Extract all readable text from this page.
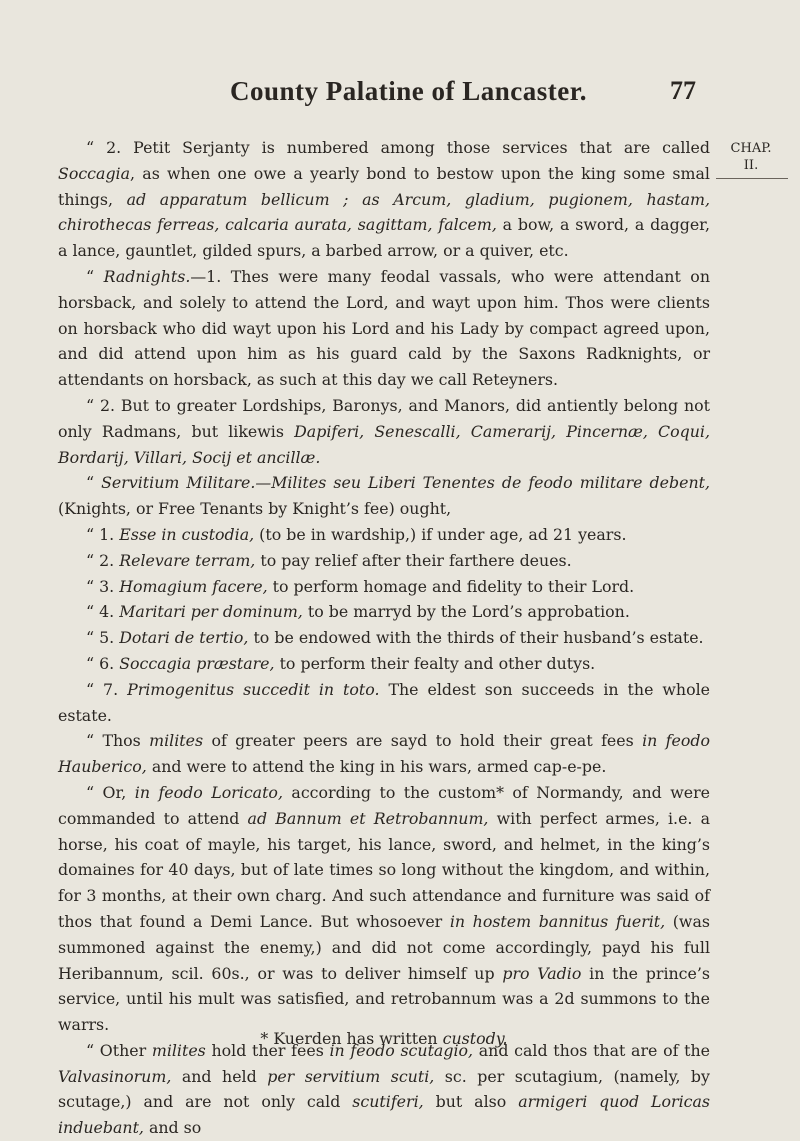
County Palatine of Lancaster.	77
CHAP.
II.

“ 2. Petit Serjanty is numbered among those services that are called Soccagia, as when one owe a yearly bond to bestow upon the king some smal things, ad apparatum bellicum ; as Arcum, gladium, pugionem, hastam, chirothecas ferreas, calcaria aurata, sagittam, falcem, a bow, a sword, a dagger, a lance, gauntlet, gilded spurs, a barbed arrow, or a quiver, etc.

“ Radnights.—1. Thes were many feodal vassals, who were attendant on horsback, and solely to attend the Lord, and wayt upon him. Thos were clients on horsback who did wayt upon his Lord and his Lady by compact agreed upon, and did attend upon him as his guard cald by the Saxons Radknights, or attendants on horsback, as such at this day we call Reteyners.

“ 2. But to greater Lordships, Baronys, and Manors, did antiently belong not only Radmans, but likewis Dapiferi, Senescalli, Camerarij, Pincernæ, Coqui, Bordarij, Villari, Socij et ancillæ.

“ Servitium Militare.—Milites seu Liberi Tenentes de feodo militare debent, (Knights, or Free Tenants by Knight’s fee) ought,

“ 1. Esse in custodia, (to be in wardship,) if under age, ad 21 years.

“ 2. Relevare terram, to pay relief after their farthere deues.

“ 3. Homagium facere, to perform homage and fidelity to their Lord.

“ 4. Maritari per dominum, to be marryd by the Lord’s approbation.

“ 5. Dotari de tertio, to be endowed with the thirds of their husband’s estate.

“ 6. Soccagia præstare, to perform their fealty and other dutys.

“ 7. Primogenitus succedit in toto. The eldest son succeeds in the whole estate.

“ Thos milites of greater peers are sayd to hold their great fees in feodo Hauberico, and were to attend the king in his wars, armed cap-e-pe.

“ Or, in feodo Loricato, according to the custom* of Normandy, and were commanded to attend ad Bannum et Retrobannum, with perfect armes, i.e. a horse, his coat of mayle, his target, his lance, sword, and helmet, in the king’s domaines for 40 days, but of late times so long without the kingdom, and within, for 3 months, at their own charg. And such attendance and furniture was said of thos that found a Demi Lance. But whosoever in hostem bannitus fuerit, (was summoned against the enemy,) and did not come accordingly, payd his full Heribannum, scil. 60s., or was to deliver himself up pro Vadio in the prince’s service, until his mult was satisfied, and retrobannum was a 2d summons to the warrs.

“ Other milites hold ther fees in feodo scutagio, and cald thos that are of the Valvasinorum, and held per servitium scuti, sc. per scutagium, (namely, by scutage,) and are not only cald scutiferi, but also armigeri quod Loricas induebant, and so

* Kuerden has written custody.
